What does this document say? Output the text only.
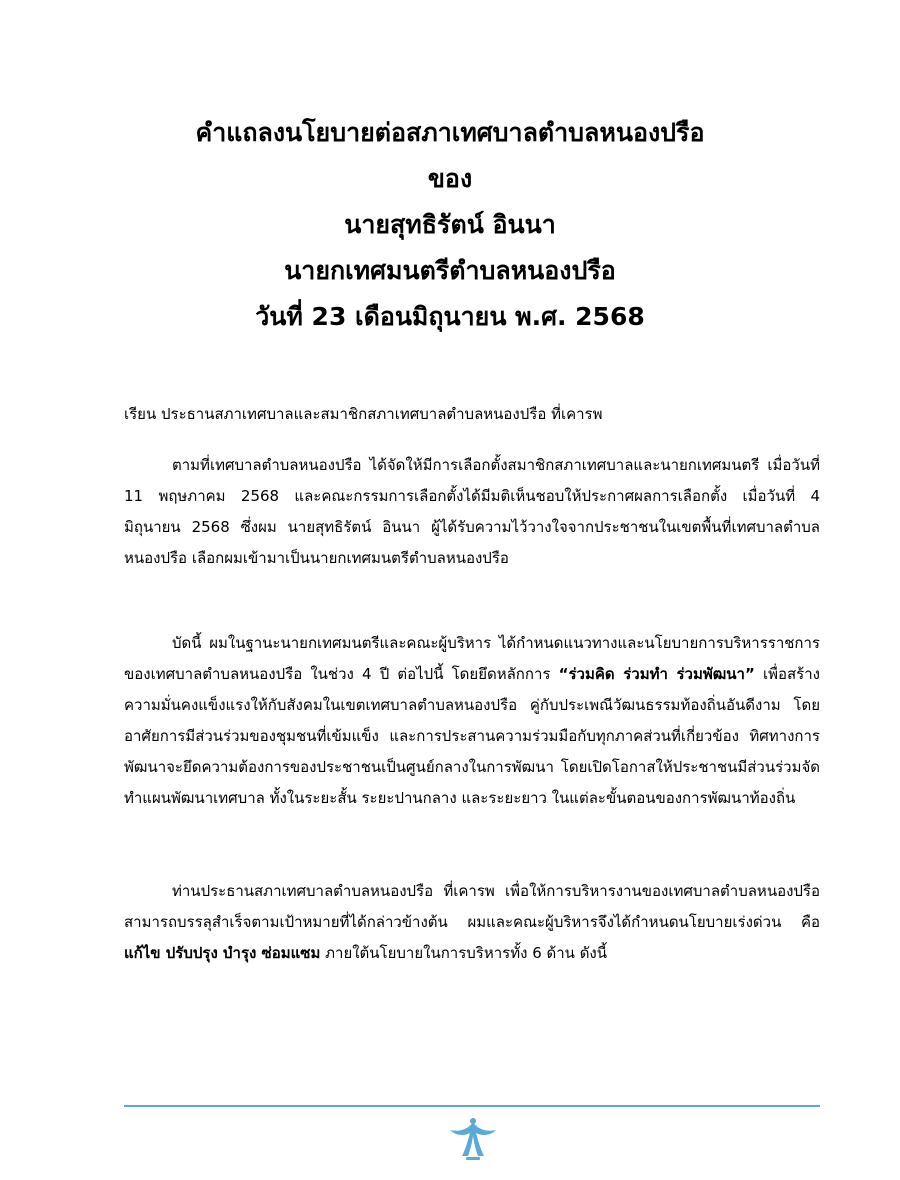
คำแถลงนโยบายต่อสภาเทศบาลตำบลหนองปรือ

ของ

นายสุทธิรัตน์ อินนา

นายกเทศมนตรีตำบลหนองปรือ

วันที่ 23 เดือนมิถุนายน พ.ศ. 2568

เรียน ประธานสภาเทศบาลและสมาชิกสภาเทศบาลตำบลหนองปรือ ที่เคารพ

ตามที่เทศบาลตำบลหนองปรือ ได้จัดให้มีการเลือกตั้งสมาชิกสภาเทศบาลและนายกเทศมนตรี เมื่อวันที่ 11 พฤษภาคม 2568 และคณะกรรมการเลือกตั้งได้มีมติเห็นชอบให้ประกาศผลการเลือกตั้ง เมื่อวันที่ 4 มิถุนายน 2568 ซึ่งผม นายสุทธิรัตน์ อินนา ผู้ได้รับความไว้วางใจจากประชาชนในเขตพื้นที่เทศบาลตำบลหนองปรือ เลือกผมเข้ามาเป็นนายกเทศมนตรีตำบลหนองปรือ

บัดนี้ ผมในฐานะนายกเทศมนตรีและคณะผู้บริหาร ได้กำหนดแนวทางและนโยบายการบริหารราชการของเทศบาลตำบลหนองปรือ ในช่วง 4 ปี ต่อไปนี้ โดยยึดหลักการ “ร่วมคิด ร่วมทำ ร่วมพัฒนา” เพื่อสร้างความมั่นคงแข็งแรงให้กับสังคมในเขตเทศบาลตำบลหนองปรือ คู่กับประเพณีวัฒนธรรมท้องถิ่นอันดีงาม โดยอาศัยการมีส่วนร่วมของชุมชนที่เข้มแข็ง และการประสานความร่วมมือกับทุกภาคส่วนที่เกี่ยวข้อง ทิศทางการพัฒนาจะยึดความต้องการของประชาชนเป็นศูนย์กลางในการพัฒนา โดยเปิดโอกาสให้ประชาชนมีส่วนร่วมจัดทำแผนพัฒนาเทศบาล ทั้งในระยะสั้น ระยะปานกลาง และระยะยาว ในแต่ละขั้นตอนของการพัฒนาท้องถิ่น

ท่านประธานสภาเทศบาลตำบลหนองปรือ ที่เคารพ เพื่อให้การบริหารงานของเทศบาลตำบลหนองปรือ สามารถบรรลุสำเร็จตามเป้าหมายที่ได้กล่าวข้างต้น ผมและคณะผู้บริหารจึงได้กำหนดนโยบายเร่งด่วน คือ แก้ไข ปรับปรุง บำรุง ซ่อมแซม ภายใต้นโยบายในการบริหารทั้ง 6 ด้าน ดังนี้
